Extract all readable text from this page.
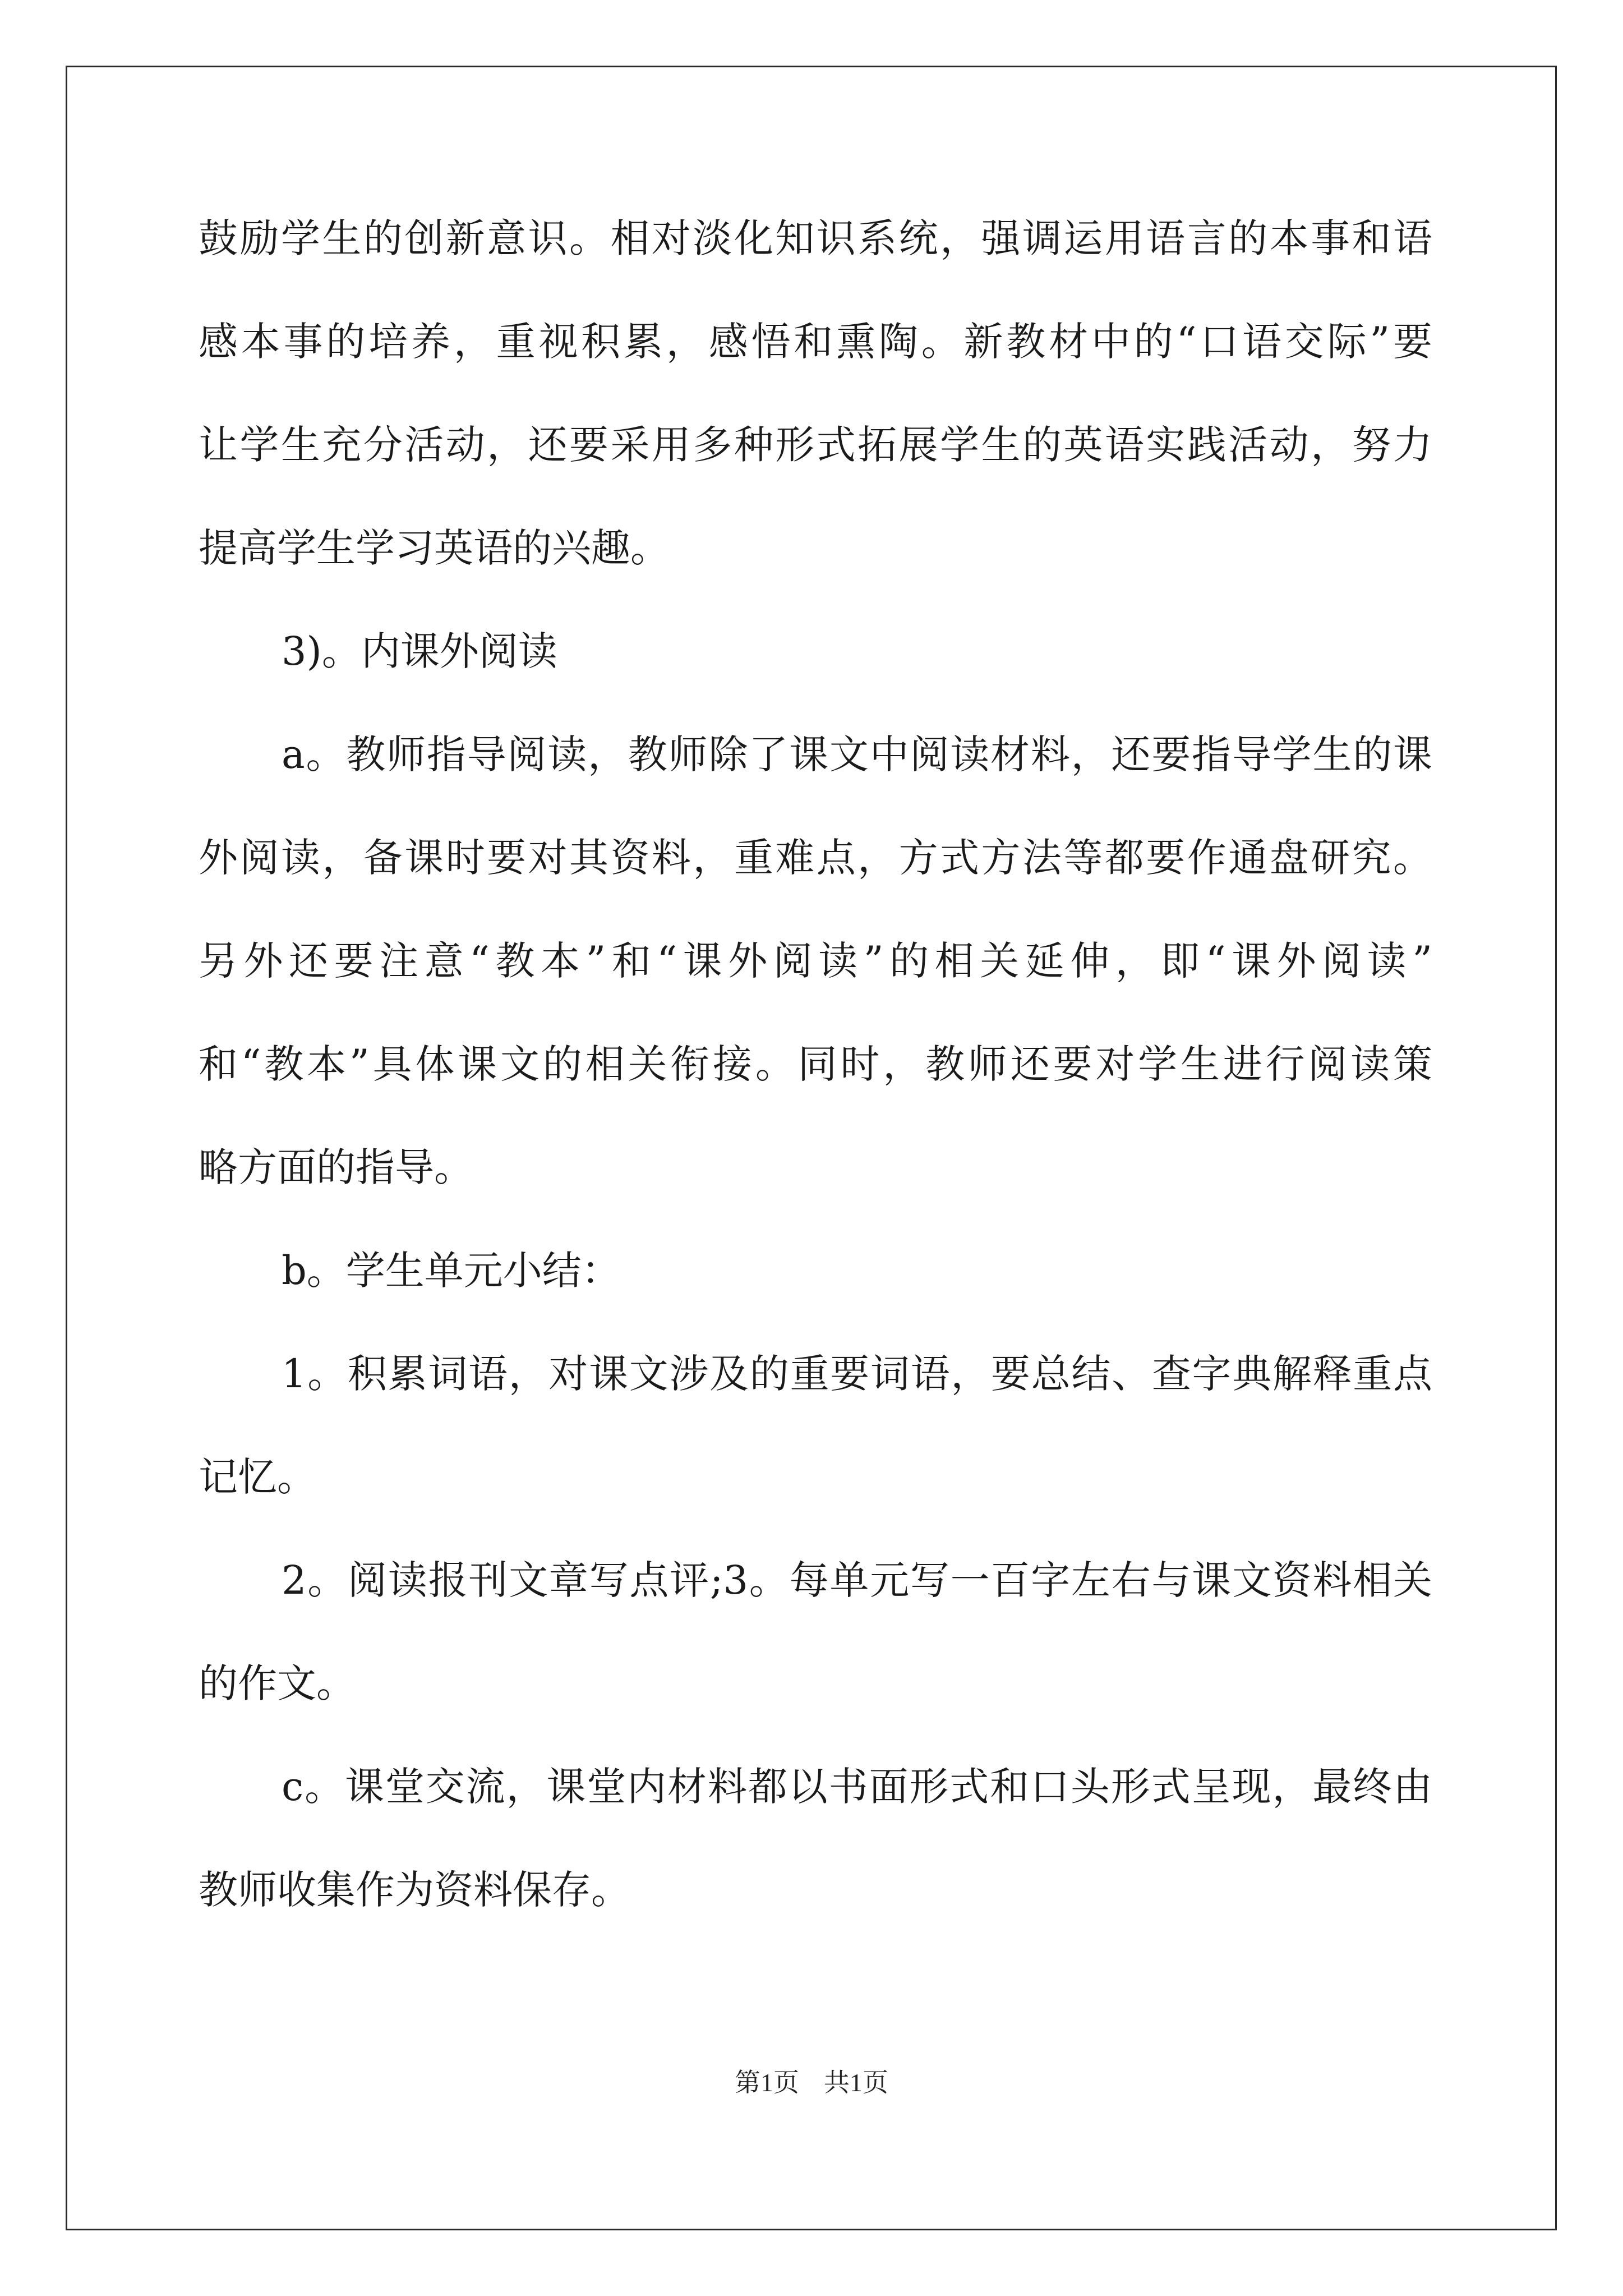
鼓励学生的创新意识。相对淡化知识系统，强调运用语言的本事和语
感本事的培养，重视积累，感悟和熏陶。新教材中的“口语交际”要
让学生充分活动，还要采用多种形式拓展学生的英语实践活动，努力
提高学生学习英语的兴趣。
3)。内课外阅读
a。教师指导阅读，教师除了课文中阅读材料，还要指导学生的课
外阅读，备课时要对其资料，重难点，方式方法等都要作通盘研究。
另外还要注意“教本”和“课外阅读”的相关延伸，即“课外阅读”
和“教本”具体课文的相关衔接。同时，教师还要对学生进行阅读策
略方面的指导。
b。学生单元小结：
1。积累词语，对课文涉及的重要词语，要总结、查字典解释重点
记忆。
2。阅读报刊文章写点评;3。每单元写一百字左右与课文资料相关
的作文。
c。课堂交流，课堂内材料都以书面形式和口头形式呈现，最终由
教师收集作为资料保存。
第1页 共1页
